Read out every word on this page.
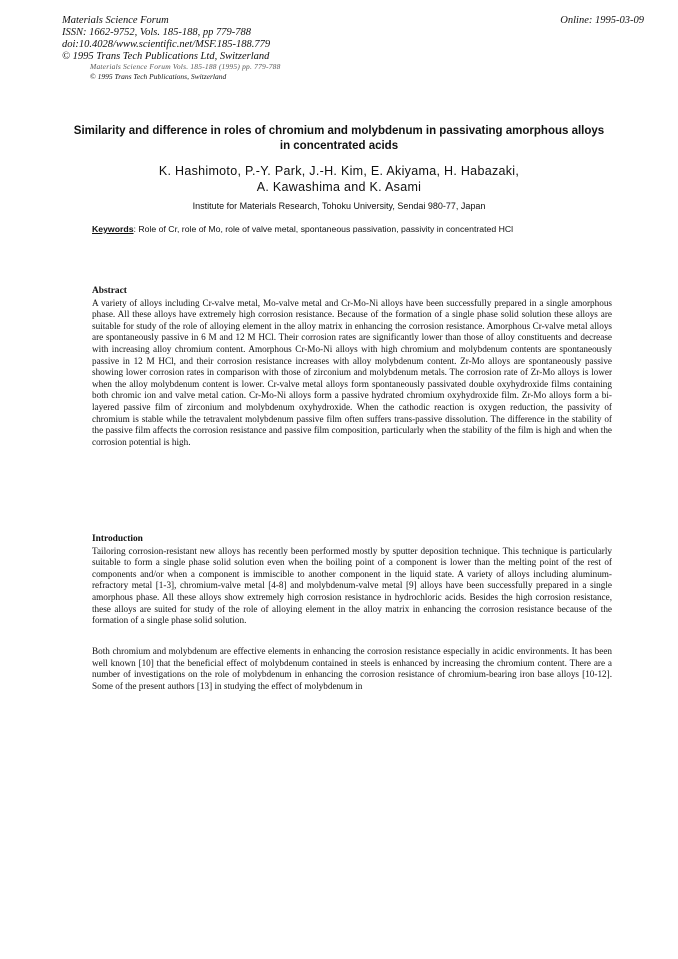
Materials Science Forum
ISSN: 1662-9752, Vols. 185-188, pp 779-788
doi:10.4028/www.scientific.net/MSF.185-188.779
© 1995 Trans Tech Publications Ltd, Switzerland
Online: 1995-03-09
Materials Science Forum Vols. 185-188 (1995) pp. 779-788
© 1995 Trans Tech Publications, Switzerland
Similarity and difference in roles of chromium and molybdenum in passivating amorphous alloys in concentrated acids
K. Hashimoto, P.-Y. Park, J.-H. Kim, E. Akiyama, H. Habazaki,
A. Kawashima and K. Asami
Institute for Materials Research, Tohoku University, Sendai 980-77, Japan
Keywords: Role of Cr, role of Mo, role of valve metal, spontaneous passivation, passivity in concentrated HCl
Abstract

A variety of alloys including Cr-valve metal, Mo-valve metal and Cr-Mo-Ni alloys have been successfully prepared in a single amorphous phase. All these alloys have extremely high corrosion resistance. Because of the formation of a single phase solid solution these alloys are suitable for study of the role of alloying element in the alloy matrix in enhancing the corrosion resistance. Amorphous Cr-valve metal alloys are spontaneously passive in 6 M and 12 M HCl. Their corrosion rates are significantly lower than those of alloy constituents and decrease with increasing alloy chromium content. Amorphous Cr-Mo-Ni alloys with high chromium and molybdenum contents are spontaneously passive in 12 M HCl, and their corrosion resistance increases with alloy molybdenum content. Zr-Mo alloys are spontaneously passive showing lower corrosion rates in comparison with those of zirconium and molybdenum metals. The corrosion rate of Zr-Mo alloys is lower when the alloy molybdenum content is lower. Cr-valve metal alloys form spontaneously passivated double oxyhydroxide films containing both chromic ion and valve metal cation. Cr-Mo-Ni alloys form a passive hydrated chromium oxyhydroxide film. Zr-Mo alloys form a bi-layered passive film of zirconium and molybdenum oxyhydroxide. When the cathodic reaction is oxygen reduction, the passivity of chromium is stable while the tetravalent molybdenum passive film often suffers trans-passive dissolution. The difference in the stability of the passive film affects the corrosion resistance and passive film composition, particularly when the stability of the film is high and when the corrosion potential is high.

Introduction

Tailoring corrosion-resistant new alloys has recently been performed mostly by sputter deposition technique. This technique is particularly suitable to form a single phase solid solution even when the boiling point of a component is lower than the melting point of the rest of components and/or when a component is immiscible to another component in the liquid state. A variety of alloys including aluminum-refractory metal [1-3], chromium-valve metal [4-8] and molybdenum-valve metal [9] alloys have been successfully prepared in a single amorphous phase. All these alloys show extremely high corrosion resistance in hydrochloric acids. Besides the high corrosion resistance, these alloys are suited for study of the role of alloying element in the alloy matrix in enhancing the corrosion resistance because of the formation of a single phase solid solution.

Both chromium and molybdenum are effective elements in enhancing the corrosion resistance especially in acidic environments. It has been well known [10] that the beneficial effect of molybdenum contained in steels is enhanced by increasing the chromium content. There are a number of investigations on the role of molybdenum in enhancing the corrosion resistance of chromium-bearing iron base alloys [10-12]. Some of the present authors [13] in studying the effect of molybdenum in
